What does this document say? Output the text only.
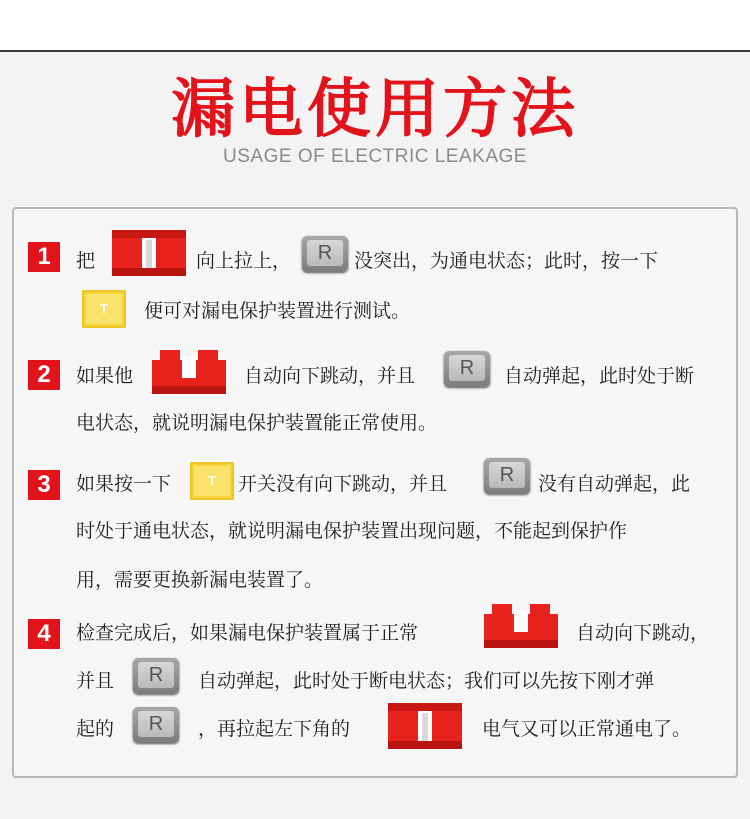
漏电使用方法
USAGE OF ELECTRIC LEAKAGE
1	把	向上拉上，	R	没突出，为通电状态；此时，按一下
T	便可对漏电保护装置进行测试。
2	如果他	自动向下跳动，并且	R	自动弹起，此时处于断
电状态，就说明漏电保护装置能正常使用。
3	如果按一下	T	开关没有向下跳动，并且	R	没有自动弹起，此
时处于通电状态，就说明漏电保护装置出现问题，不能起到保护作
用，需要更换新漏电装置了。
4	检查完成后，如果漏电保护装置属于正常	自动向下跳动，
并且	R	自动弹起，此时处于断电状态；我们可以先按下刚才弹
起的	R	，再拉起左下角的	电气又可以正常通电了。
